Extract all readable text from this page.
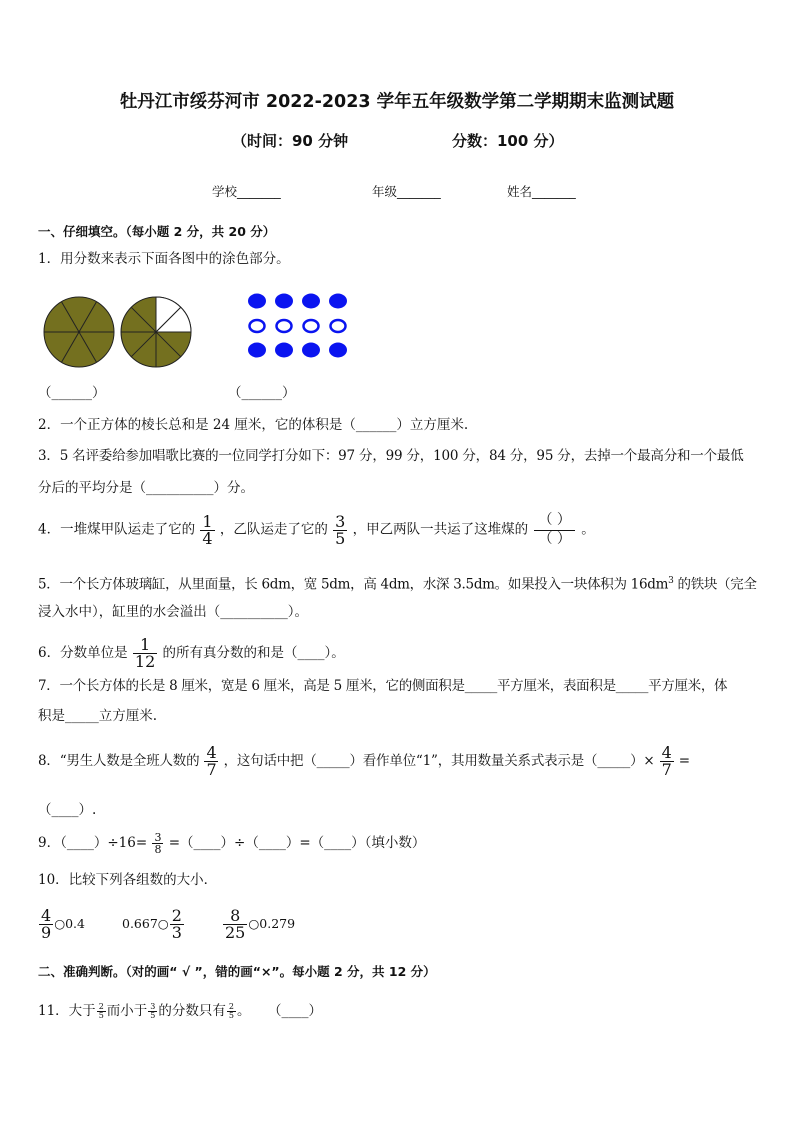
牡丹江市绥芬河市 2022-2023 学年五年级数学第二学期期末监测试题
（时间：90 分钟	分数：100 分）
学校_______	年级_______	姓名_______
一、仔细填空。（每小题 2 分，共 20 分）
1．用分数来表示下面各图中的涂色部分。
（______）	（______）
2．一个正方体的棱长总和是 24 厘米，它的体积是（______）立方厘米.
3．5 名评委给参加唱歌比赛的一位同学打分如下：97 分，99 分，100 分，84 分，95 分，去掉一个最高分和一个最低
分后的平均分是（__________）分。
4．一堆煤甲队运走了它的 $\frac{1}{4}$ ，乙队运走了它的 $\frac{3}{5}$ ，甲乙两队一共运了这堆煤的
（ ）
（ ）
。
5．一个长方体玻璃缸，从里面量，长 6dm，宽 5dm，高 4dm，水深 3.5dm。如果投入一块体积为 $16dm^3$ 的铁块（完全
浸入水中），缸里的水会溢出（__________）。
6．分数单位是 $\frac{1}{12}$ 的所有真分数的和是（____）。
7．一个长方体的长是 8 厘米，宽是 6 厘米，高是 5 厘米，它的侧面积是_____平方厘米，表面积是_____平方厘米，体
积是_____立方厘米.
8．“男生人数是全班人数的 $\frac{4}{7}$ ，这句话中把（_____）看作单位“1”，其用数量关系式表示是（_____）× $\frac{4}{7}$ =
（____）.
9．（____）÷16= $\frac{3}{8}$ =（____）÷（____）=（____）（填小数）
10．比较下列各组数的大小．
$\frac{4}{9}$ ○0.4	0.667○ $\frac{2}{3} \frac{8}{25}$ ○0.279
二、准确判断。（对的画“ √ ”，错的画“×”。每小题 2 分，共 12 分）
11．大于 $\frac{2}{5}$ 而小于 $\frac{3}{5}$ 的分数只有 $\frac{2}{5}$ 。 （____）
